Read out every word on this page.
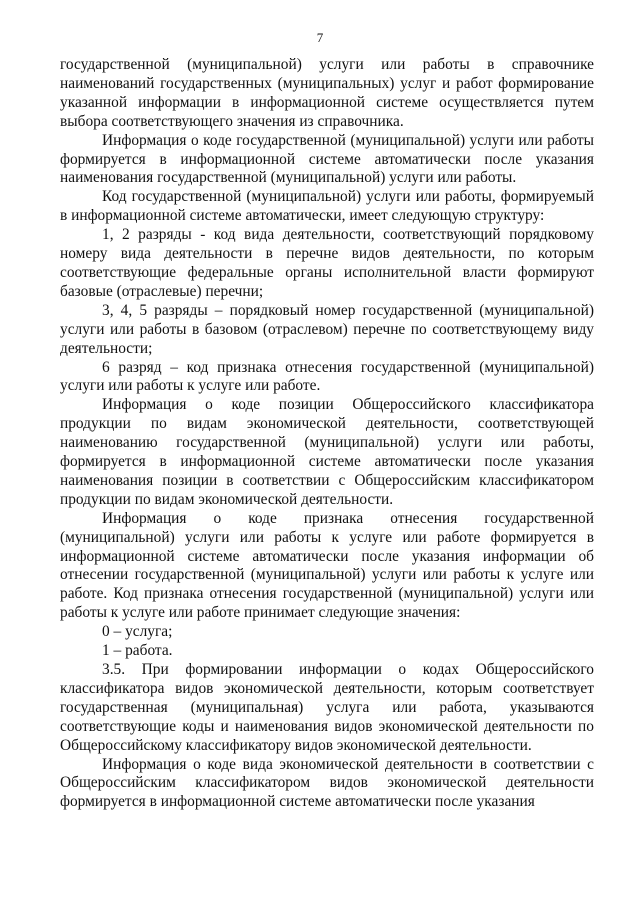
7

государственной (муниципальной) услуги или работы в справочнике наименований государственных (муниципальных) услуг и работ формирование указанной информации в информационной системе осуществляется путем выбора соответствующего значения из справочника.

Информация о коде государственной (муниципальной) услуги или работы формируется в информационной системе автоматически после указания наименования государственной (муниципальной) услуги или работы.

Код государственной (муниципальной) услуги или работы, формируемый в информационной системе автоматически, имеет следующую структуру:

1, 2 разряды - код вида деятельности, соответствующий порядковому номеру вида деятельности в перечне видов деятельности, по которым соответствующие федеральные органы исполнительной власти формируют базовые (отраслевые) перечни;

3, 4, 5 разряды – порядковый номер государственной (муниципальной) услуги или работы в базовом (отраслевом) перечне по соответствующему виду деятельности;

6 разряд – код признака отнесения государственной (муниципальной) услуги или работы к услуге или работе.

Информация о коде позиции Общероссийского классификатора продукции по видам экономической деятельности, соответствующей наименованию государственной (муниципальной) услуги или работы, формируется в информационной системе автоматически после указания наименования позиции в соответствии с Общероссийским классификатором продукции по видам экономической деятельности.

Информация о коде признака отнесения государственной (муниципальной) услуги или работы к услуге или работе формируется в информационной системе автоматически после указания информации об отнесении государственной (муниципальной) услуги или работы к услуге или работе. Код признака отнесения государственной (муниципальной) услуги или работы к услуге или работе принимает следующие значения:

0 – услуга;

1 – работа.

3.5. При формировании информации о кодах Общероссийского классификатора видов экономической деятельности, которым соответствует государственная (муниципальная) услуга или работа, указываются соответствующие коды и наименования видов экономической деятельности по Общероссийскому классификатору видов экономической деятельности.

Информация о коде вида экономической деятельности в соответствии с Общероссийским классификатором видов экономической деятельности формируется в информационной системе автоматически после указания
